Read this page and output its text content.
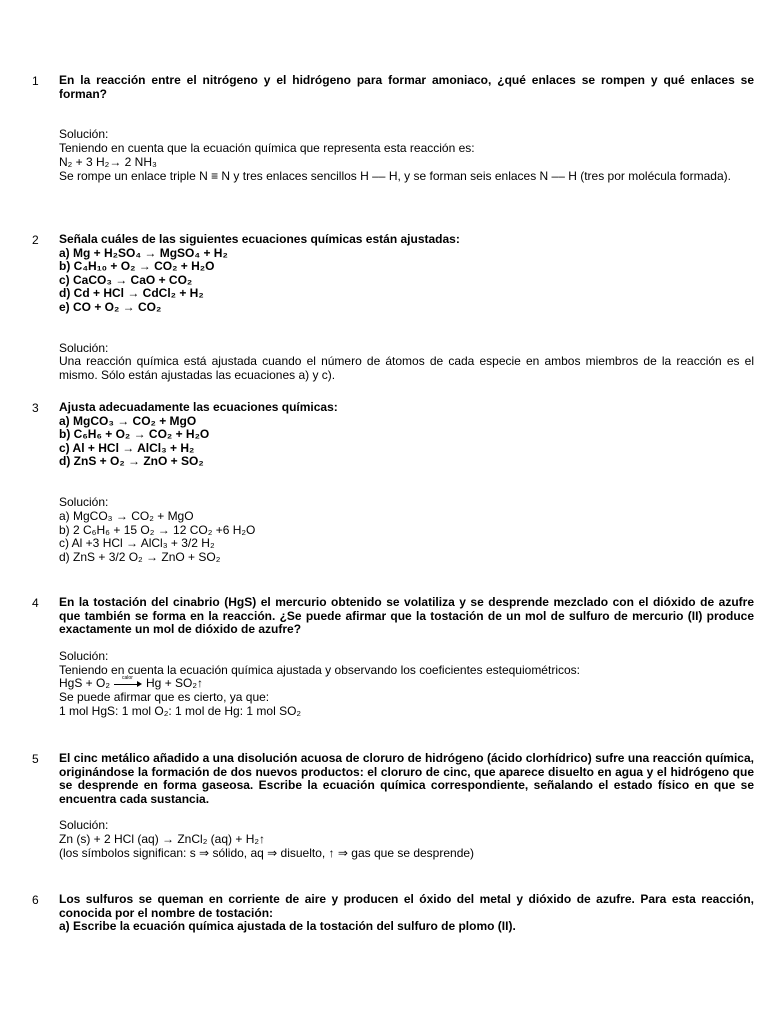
1 En la reacción entre el nitrógeno y el hidrógeno para formar amoniaco, ¿qué enlaces se rompen y qué enlaces se forman?
Solución:
Teniendo en cuenta que la ecuación química que representa esta reacción es:
N₂ + 3 H₂→ 2 NH₃
Se rompe un enlace triple N ≡ N y tres enlaces sencillos H –– H, y se forman seis enlaces N –– H (tres por molécula formada).
2 Señala cuáles de las siguientes ecuaciones químicas están ajustadas:
a) Mg + H₂SO₄ → MgSO₄ + H₂
b) C₄H₁₀ + O₂ → CO₂ + H₂O
c) CaCO₃ → CaO + CO₂
d) Cd + HCl → CdCl₂ + H₂
e) CO + O₂ → CO₂
Solución:
Una reacción química está ajustada cuando el número de átomos de cada especie en ambos miembros de la reacción es el mismo. Sólo están ajustadas las ecuaciones a) y c).
3 Ajusta adecuadamente las ecuaciones químicas:
a) MgCO₃ → CO₂ + MgO
b) C₆H₆ + O₂ → CO₂ + H₂O
c) Al + HCl → AlCl₃ + H₂
d) ZnS + O₂ → ZnO + SO₂
Solución:
a) MgCO₃ → CO₂ + MgO
b) 2 C₆H₆ + 15 O₂ → 12 CO₂ +6 H₂O
c) Al +3 HCl → AlCl₃ + 3/2 H₂
d) ZnS + 3/2 O₂ → ZnO + SO₂
4 En la tostación del cinabrio (HgS) el mercurio obtenido se volatiliza y se desprende mezclado con el dióxido de azufre que también se forma en la reacción. ¿Se puede afirmar que la tostación de un mol de sulfuro de mercurio (II) produce exactamente un mol de dióxido de azufre?
Solución:
Teniendo en cuenta la ecuación química ajustada y observando los coeficientes estequiométricos:
HgS + O₂ calor Hg + SO₂↑
Se puede afirmar que es cierto, ya que:
1 mol HgS: 1 mol O₂: 1 mol de Hg: 1 mol SO₂
5 El cinc metálico añadido a una disolución acuosa de cloruro de hidrógeno (ácido clorhídrico) sufre una reacción química, originándose la formación de dos nuevos productos: el cloruro de cinc, que aparece disuelto en agua y el hidrógeno que se desprende en forma gaseosa. Escribe la ecuación química correspondiente, señalando el estado físico en que se encuentra cada sustancia.
Solución:
Zn (s) + 2 HCl (aq) → ZnCl₂ (aq) + H₂↑
(los símbolos significan: s ⇒ sólido, aq ⇒ disuelto, ↑ ⇒ gas que se desprende)
6 Los sulfuros se queman en corriente de aire y producen el óxido del metal y dióxido de azufre. Para esta reacción, conocida por el nombre de tostación:
a) Escribe la ecuación química ajustada de la tostación del sulfuro de plomo (II).
